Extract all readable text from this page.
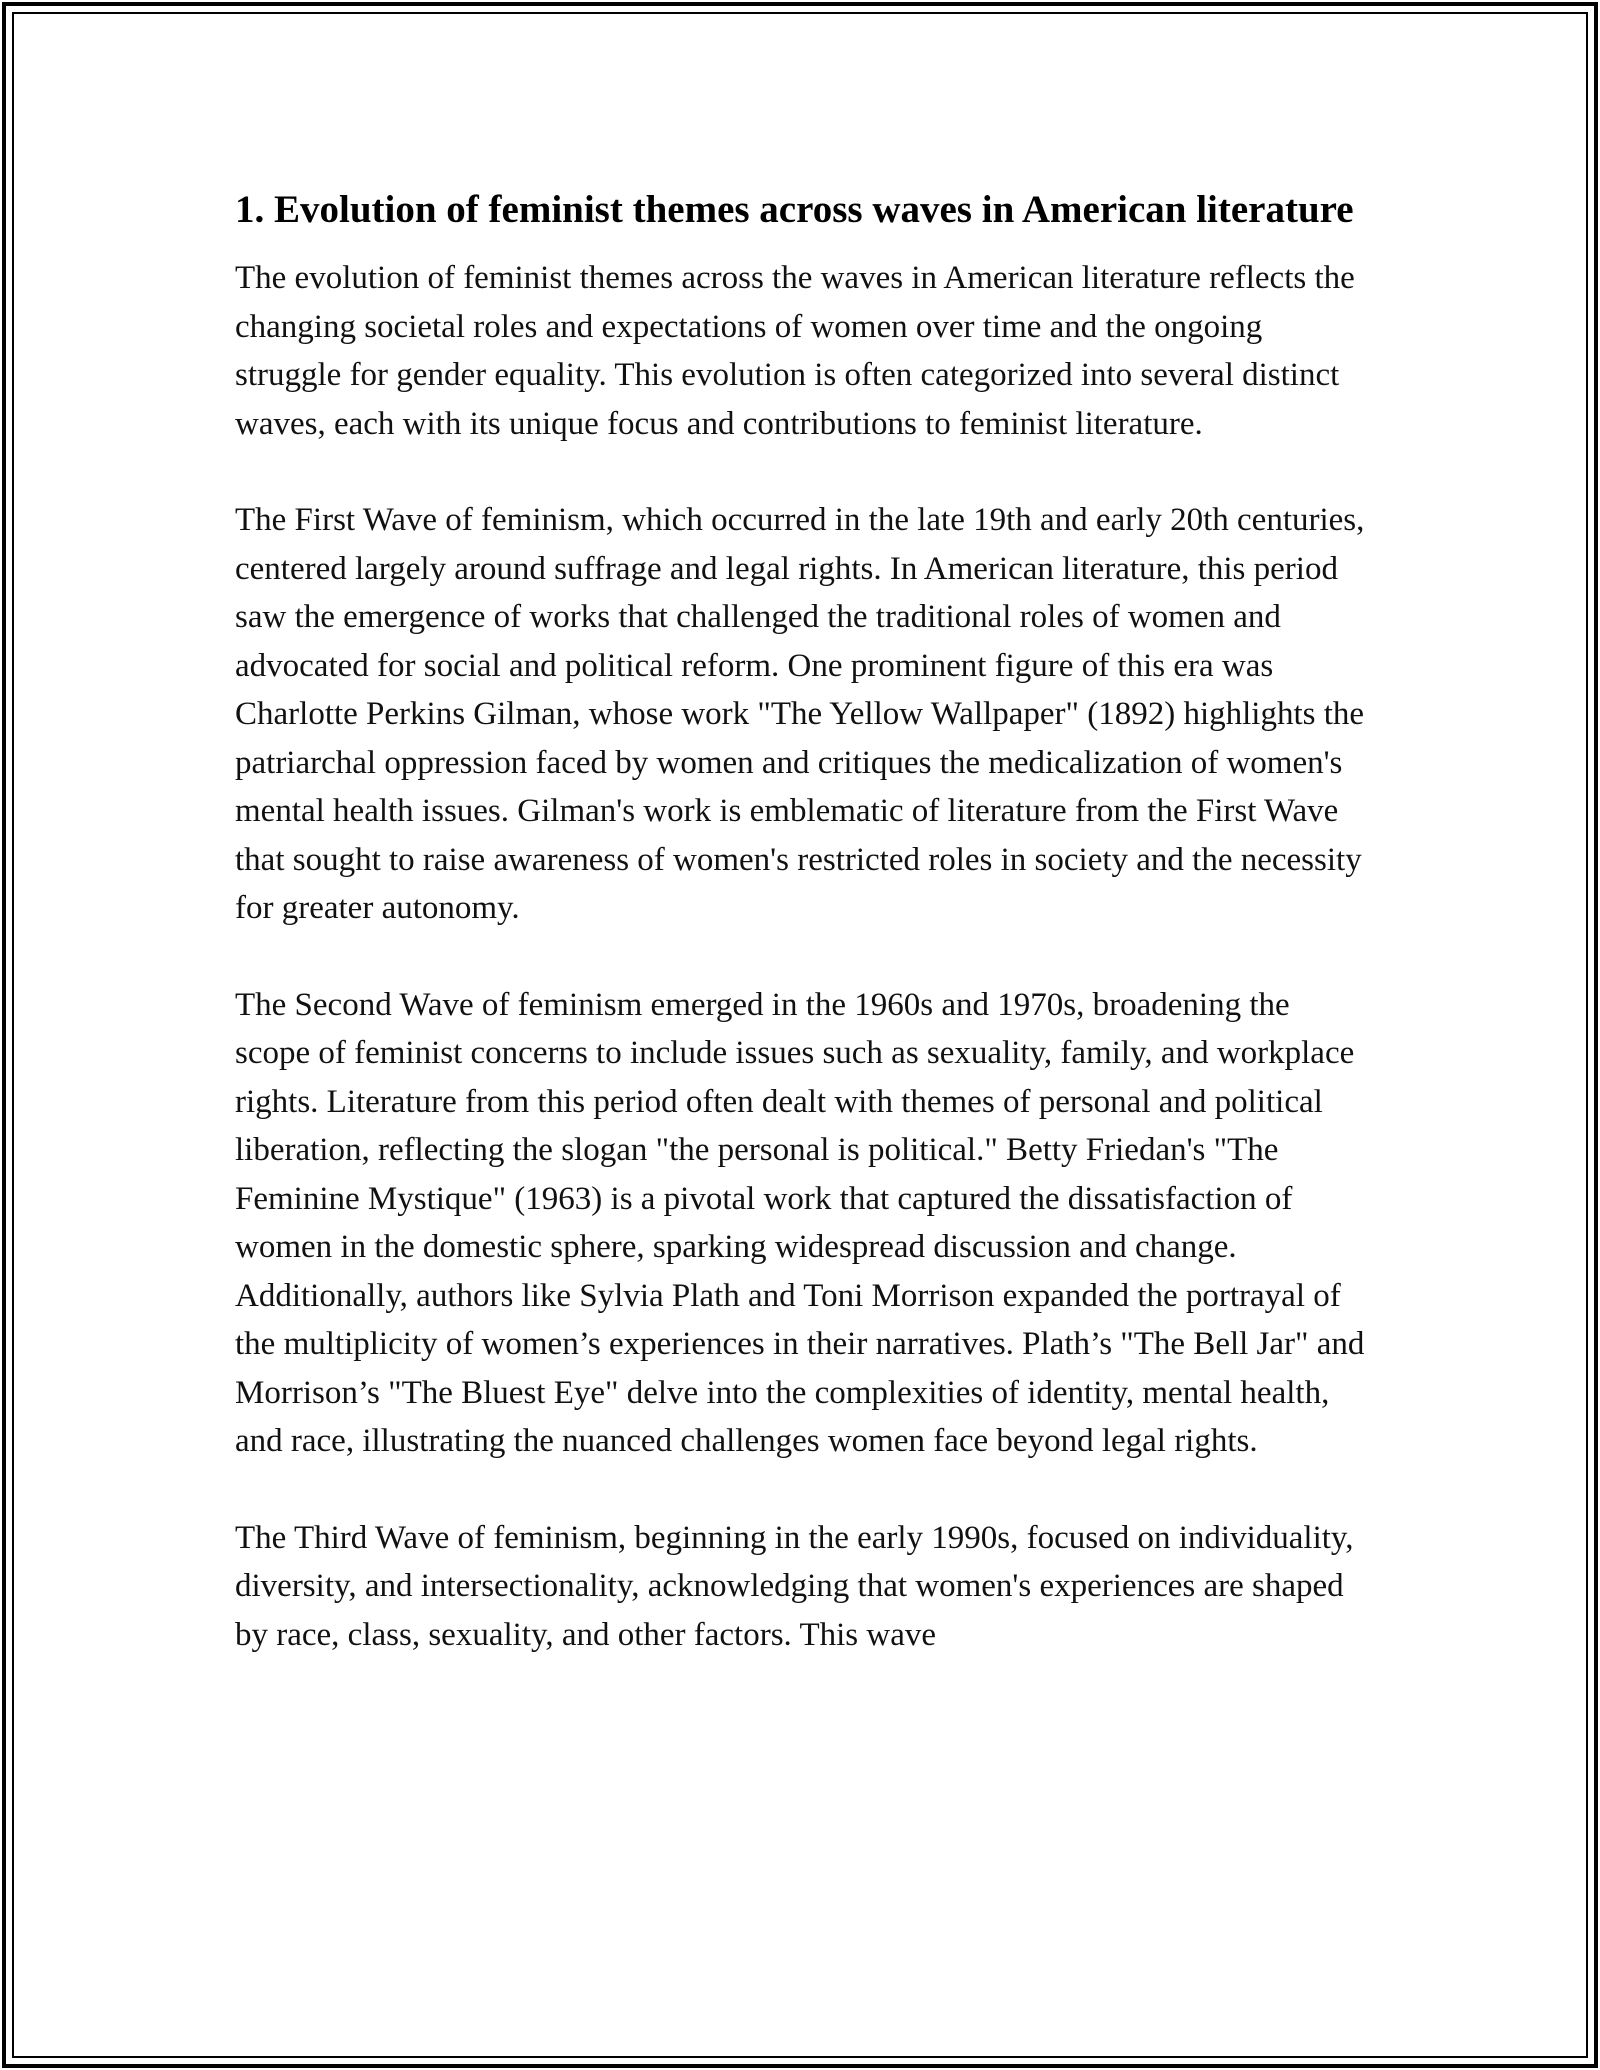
1. Evolution of feminist themes across waves in American literature

The evolution of feminist themes across the waves in American literature reflects the changing societal roles and expectations of women over time and the ongoing struggle for gender equality. This evolution is often categorized into several distinct waves, each with its unique focus and contributions to feminist literature.

The First Wave of feminism, which occurred in the late 19th and early 20th centuries, centered largely around suffrage and legal rights. In American literature, this period saw the emergence of works that challenged the traditional roles of women and advocated for social and political reform. One prominent figure of this era was Charlotte Perkins Gilman, whose work "The Yellow Wallpaper" (1892) highlights the patriarchal oppression faced by women and critiques the medicalization of women's mental health issues. Gilman's work is emblematic of literature from the First Wave that sought to raise awareness of women's restricted roles in society and the necessity for greater autonomy.

The Second Wave of feminism emerged in the 1960s and 1970s, broadening the scope of feminist concerns to include issues such as sexuality, family, and workplace rights. Literature from this period often dealt with themes of personal and political liberation, reflecting the slogan "the personal is political." Betty Friedan's "The Feminine Mystique" (1963) is a pivotal work that captured the dissatisfaction of women in the domestic sphere, sparking widespread discussion and change. Additionally, authors like Sylvia Plath and Toni Morrison expanded the portrayal of the multiplicity of women’s experiences in their narratives. Plath’s "The Bell Jar" and Morrison’s "The Bluest Eye" delve into the complexities of identity, mental health, and race, illustrating the nuanced challenges women face beyond legal rights.

The Third Wave of feminism, beginning in the early 1990s, focused on individuality, diversity, and intersectionality, acknowledging that women's experiences are shaped by race, class, sexuality, and other factors. This wave
